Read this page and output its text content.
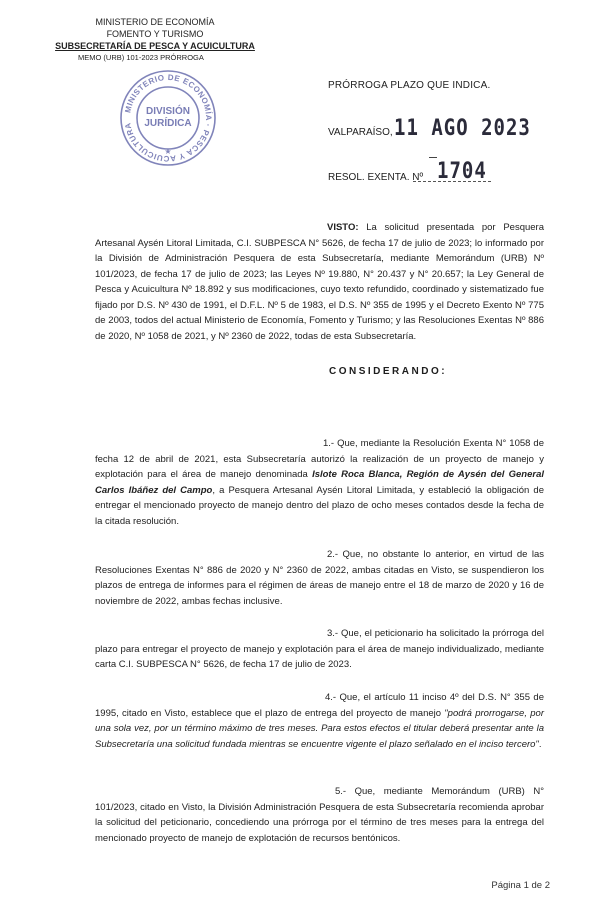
MINISTERIO DE ECONOMÍA
FOMENTO Y TURISMO
SUBSECRETARÍA DE PESCA Y ACUICULTURA
MEMO (URB) 101-2023 PRÓRROGA
MINISTERIO DE ECONOMÍA · PESCA Y ACUICULTURA
DIVISIÓN
JURÍDICA
★
PRÓRROGA PLAZO QUE INDICA.
VALPARAÍSO, 11 AGO 2023
RESOL. EXENTA. Nº 1704
VISTO: La solicitud presentada por Pesquera Artesanal Aysén Litoral Limitada, C.I. SUBPESCA N° 5626, de fecha 17 de julio de 2023; lo informado por la División de Administración Pesquera de esta Subsecretaría, mediante Memorándum (URB) Nº 101/2023, de fecha 17 de julio de 2023; las Leyes Nº 19.880, N° 20.437 y N° 20.657; la Ley General de Pesca y Acuicultura Nº 18.892 y sus modificaciones, cuyo texto refundido, coordinado y sistematizado fue fijado por D.S. Nº 430 de 1991, el D.F.L. Nº 5 de 1983, el D.S. Nº 355 de 1995 y el Decreto Exento Nº 775 de 2003, todos del actual Ministerio de Economía, Fomento y Turismo; y las Resoluciones Exentas Nº 886 de 2020, Nº 1058 de 2021, y Nº 2360 de 2022, todas de esta Subsecretaría.
CONSIDERANDO:
1.- Que, mediante la Resolución Exenta N° 1058 de fecha 12 de abril de 2021, esta Subsecretaría autorizó la realización de un proyecto de manejo y explotación para el área de manejo denominada Islote Roca Blanca, Región de Aysén del General Carlos Ibáñez del Campo, a Pesquera Artesanal Aysén Litoral Limitada, y estableció la obligación de entregar el mencionado proyecto de manejo dentro del plazo de ocho meses contados desde la fecha de la citada resolución.
2.- Que, no obstante lo anterior, en virtud de las Resoluciones Exentas N° 886 de 2020 y N° 2360 de 2022, ambas citadas en Visto, se suspendieron los plazos de entrega de informes para el régimen de áreas de manejo entre el 18 de marzo de 2020 y 16 de noviembre de 2022, ambas fechas inclusive.
3.- Que, el peticionario ha solicitado la prórroga del plazo para entregar el proyecto de manejo y explotación para el área de manejo individualizado, mediante carta C.I. SUBPESCA N° 5626, de fecha 17 de julio de 2023.
4.- Que, el artículo 11 inciso 4º del D.S. N° 355 de 1995, citado en Visto, establece que el plazo de entrega del proyecto de manejo "podrá prorrogarse, por una sola vez, por un término máximo de tres meses. Para estos efectos el titular deberá presentar ante la Subsecretaría una solicitud fundada mientras se encuentre vigente el plazo señalado en el inciso tercero".
5.- Que, mediante Memorándum (URB) N° 101/2023, citado en Visto, la División Administración Pesquera de esta Subsecretaría recomienda aprobar la solicitud del peticionario, concediendo una prórroga por el término de tres meses para la entrega del mencionado proyecto de manejo de explotación de recursos bentónicos.
Página 1 de 2
